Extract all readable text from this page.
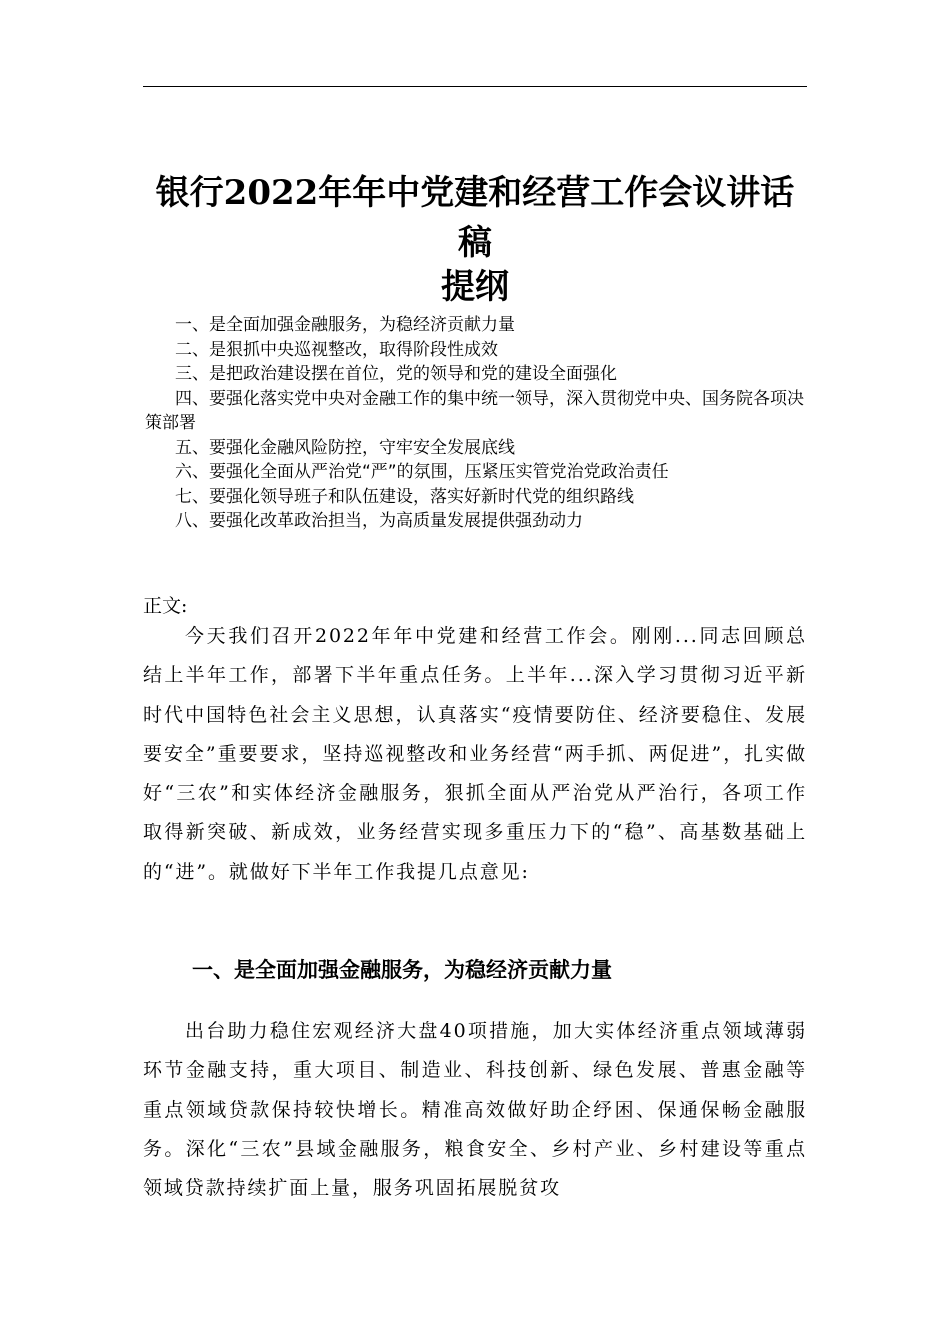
银行2022年年中党建和经营工作会议讲话稿
提纲
一、是全面加强金融服务，为稳经济贡献力量
二、是狠抓中央巡视整改，取得阶段性成效
三、是把政治建设摆在首位，党的领导和党的建设全面强化
四、要强化落实党中央对金融工作的集中统一领导，深入贯彻党中央、国务院各项决策部署
五、要强化金融风险防控，守牢安全发展底线
六、要强化全面从严治党“严”的氛围，压紧压实管党治党政治责任
七、要强化领导班子和队伍建设，落实好新时代党的组织路线
八、要强化改革政治担当，为高质量发展提供强劲动力
正文:

今天我们召开2022年年中党建和经营工作会。刚刚...同志回顾总结上半年工作，部署下半年重点任务。上半年...深入学习贯彻习近平新时代中国特色社会主义思想，认真落实“疫情要防住、经济要稳住、发展要安全”重要要求，坚持巡视整改和业务经营“两手抓、两促进”，扎实做好“三农”和实体经济金融服务，狠抓全面从严治党从严治行，各项工作取得新突破、新成效，业务经营实现多重压力下的“稳”、高基数基础上的“进”。就做好下半年工作我提几点意见:

一、是全面加强金融服务，为稳经济贡献力量

出台助力稳住宏观经济大盘40项措施，加大实体经济重点领域薄弱环节金融支持，重大项目、制造业、科技创新、绿色发展、普惠金融等重点领域贷款保持较快增长。精准高效做好助企纾困、保通保畅金融服务。深化“三农”县域金融服务，粮食安全、乡村产业、乡村建设等重点领域贷款持续扩面上量，服务巩固拓展脱贫攻
